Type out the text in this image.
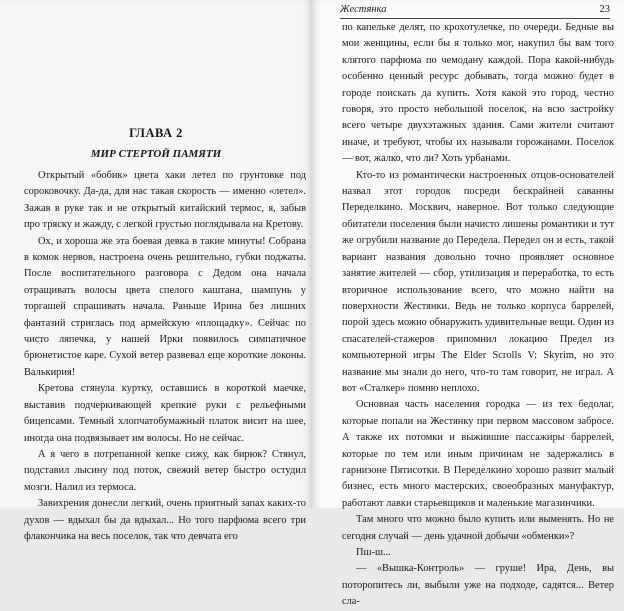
ГЛАВА 2
МИР СТЕРТОЙ ПАМЯТИ

Открытый «бобик» цвета хаки летел по грунтовке под сороковочку. Да-да, для нас такая скорость — именно «летел». Зажав в руке так и не открытый китайский термос, я, забыв про тряску и жажду, с легкой грустью поглядывала на Кретову.

Ох, и хороша же эта боевая девка в такие минуты! Собрана в комок нервов, настроена очень решительно, губки поджаты. После воспитательного разговора с Дедом она начала отращивать волосы цвета спелого каштана, шампунь у торгашей спрашивать начала. Раньше Ирина без лишних фантазий стриглась под армейскую «площадку». Сейчас по чисто ляпечка, у нашей Ирки появилось симпатичное брюнетистое каре. Сухой ветер развевал еще короткие локоны. Валькирия!

Кретова стянула куртку, оставшись в короткой маечке, выставив подчеркивающей крепкие руки с рельефными бицепсами. Темный хлопчатобумажный платок висит на шее, иногда она подвязывает им волосы. Но не сейчас.

А я чего в потрепанной кепке сижу, как бирюк? Стянул, подставил лысину под поток, свежий ветер быстро остудил мозги. Налил из термоса.

Завихрения донесли легкий, очень приятный запах каких-то духов — вдыхал бы да вдыхал... Но того парфюма всего три флакончика на весь поселок, так что девчата его

Жестянка	23

по капельке делят, по крохотулечке, по очереди. Бедные вы мои женщины, если бы я только мог, накупил бы вам того клятого парфюма по чемодану каждой. Пора какой-нибудь особенно ценный ресурс добывать, тогда можно будет в городе поискать да купить. Хотя какой это город, честно говоря, это просто небольшой поселок, на всю застройку всего четыре двухэтажных здания. Сами жители считают иначе, и требуют, чтобы их называли горожанами. Поселок — вот, жалко, что ли? Хоть урбанами.

Кто-то из романтически настроенных отцов-основателей назвал этот городок посреди бескрайней саванны Переделкино. Москвич, наверное. Вот только следующие обитатели поселения были начисто лишены романтики и тут же огрубили название до Передела. Передел он и есть, такой вариант названия довольно точно проявляет основное занятие жителей — сбор, утилизация и переработка, то есть вторичное использование всего, что можно найти на поверхности Жестянки. Ведь не только корпуса баррелей, порой здесь можно обнаружить удивительные вещи. Один из спасателей-стажеров припомнил локацию Предел из компьютерной игры The Elder Scrolls V: Skyrim, но это название мы знали до него, что-то там говорит, не играл. А вот «Сталкер» помню неплохо.

Основная часть населения городка — из тех бедолаг, которые попали на Жестянку при первом массовом забросе. А также их потомки и выжившие пассажиры баррелей, которые по тем или иным причинам не задержались в гарнизоне Пятисотки. В Переделкино хорошо развит малый бизнес, есть много мастерских, своеобразных мануфактур, работают лавки старьевщиков и маленькие магазинчики.

Там много что можно было купить или выменять. Но не сегодня случай — день удачной добычи «обменки»?

Пш-ш...

— «Вышка-Контроль» — грушe! Ира, День, вы поторопитесь ли, выбыли уже на подходе, садятся... Ветер сла-
